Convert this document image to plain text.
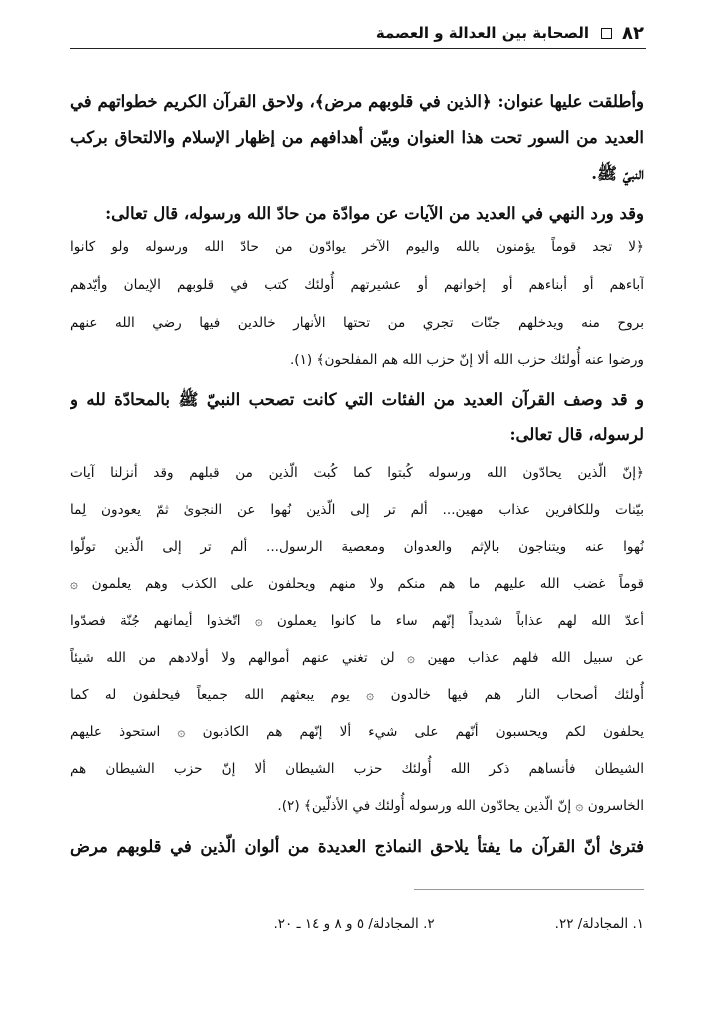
٨٢
الصحابة بين العدالة و العصمة
وأطلقت عليها عنوان: ﴿الذين في قلوبهم مرض﴾، ولاحق القرآن الكريم خطواتهم في
العديد من السور تحت هذا العنوان وبيّن أهدافهم من إظهار الإسلام والالتحاق بركب
النبيّ ﷺ.
وقد ورد النهي في العديد من الآيات عن موادّة من حادّ الله ورسوله، قال تعالى:
﴿لا تجد قوماً يؤمنون بالله واليوم الآخر يوادّون من حادّ الله ورسوله ولو كانوا
آباءهم أو أبناءهم أو إخوانهم أو عشيرتهم أُولئك كتب في قلوبهم الإيمان وأيّدهم
بروح منه ويدخلهم جنّات تجري من تحتها الأنهار خالدين فيها رضي الله عنهم
ورضوا عنه أُولئك حزب الله ألا إنّ حزب الله هم المفلحون﴾ (١).
و قد وصف القرآن العديد من الفئات التي كانت تصحب النبيّ ﷺ بالمحادّة لله و
لرسوله، قال تعالى:
﴿إنّ الّذين يحادّون الله ورسوله كُبتوا كما كُبت الّذين من قبلهم وقد أنزلنا آيات
بيّنات وللكافرين عذاب مهين... ألم تر إلى الّذين نُهوا عن النجوىٰ ثمّ يعودون لِما
نُهوا عنه ويتناجون بالإثم والعدوان ومعصية الرسول... ألم تر إلى الّذين تولّوا
قوماً غضب الله عليهم ما هم منكم ولا منهم ويحلفون على الكذب وهم يعلمون ۞
أعدّ الله لهم عذاباً شديداً إنّهم ساء ما كانوا يعملون ۞ اتّخذوا أيمانهم جُنّة فصدّوا
عن سبيل الله فلهم عذاب مهين ۞ لن تغني عنهم أموالهم ولا أولادهم من الله شيئاً
أُولئك أصحاب النار هم فيها خالدون ۞ يوم يبعثهم الله جميعاً فيحلفون له كما
يحلفون لكم ويحسبون أنّهم على شيء ألا إنّهم هم الكاذبون ۞ استحوذ عليهم
الشيطان فأنساهم ذكر الله أُولئك حزب الشيطان ألا إنّ حزب الشيطان هم
الخاسرون ۞ إنّ الّذين يحادّون الله ورسوله أُولئك في الأذلّين﴾ (٢).
فترىٰ أنّ القرآن ما يفتأ يلاحق النماذج العديدة من ألوان الّذين في قلوبهم مرض
١. المجادلة/ ٢٢.
٢. المجادلة/ ٥ و ٨ و ١٤ ـ ٢٠.
